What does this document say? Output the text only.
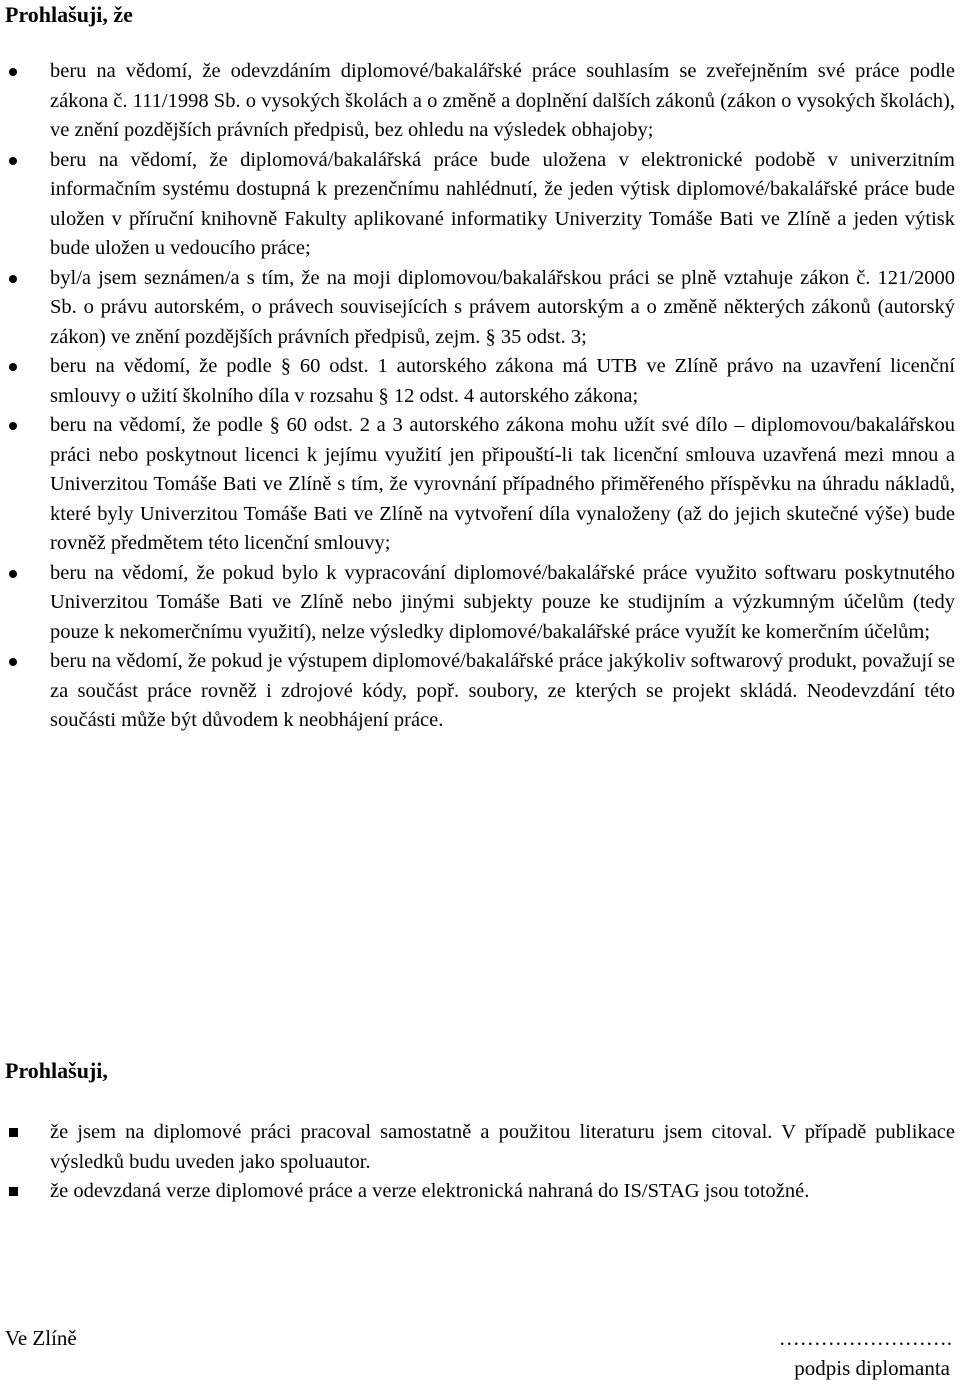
Prohlašuji, že
beru na vědomí, že odevzdáním diplomové/bakalářské práce souhlasím se zveřejněním své práce podle zákona č. 111/1998 Sb. o vysokých školách a o změně a doplnění dalších zákonů (zákon o vysokých školách), ve znění pozdějších právních předpisů, bez ohledu na výsledek obhajoby;
beru na vědomí, že diplomová/bakalářská práce bude uložena v elektronické podobě v univerzitním informačním systému dostupná k prezenčnímu nahlédnutí, že jeden výtisk diplomové/bakalářské práce bude uložen v příruční knihovně Fakulty aplikované informatiky Univerzity Tomáše Bati ve Zlíně a jeden výtisk bude uložen u vedoucího práce;
byl/a jsem seznámen/a s tím, že na moji diplomovou/bakalářskou práci se plně vztahuje zákon č. 121/2000 Sb. o právu autorském, o právech souvisejících s právem autorským a o změně některých zákonů (autorský zákon) ve znění pozdějších právních předpisů, zejm. § 35 odst. 3;
beru na vědomí, že podle § 60 odst. 1 autorského zákona má UTB ve Zlíně právo na uzavření licenční smlouvy o užití školního díla v rozsahu § 12 odst. 4 autorského zákona;
beru na vědomí, že podle § 60 odst. 2 a 3 autorského zákona mohu užít své dílo – diplomovou/bakalářskou práci nebo poskytnout licenci k jejímu využití jen připouští-li tak licenční smlouva uzavřená mezi mnou a Univerzitou Tomáše Bati ve Zlíně s tím, že vyrovnání případného přiměřeného příspěvku na úhradu nákladů, které byly Univerzitou Tomáše Bati ve Zlíně na vytvoření díla vynaloženy (až do jejich skutečné výše) bude rovněž předmětem této licenční smlouvy;
beru na vědomí, že pokud bylo k vypracování diplomové/bakalářské práce využito softwaru poskytnutého Univerzitou Tomáše Bati ve Zlíně nebo jinými subjekty pouze ke studijním a výzkumným účelům (tedy pouze k nekomerčnímu využití), nelze výsledky diplomové/bakalářské práce využít ke komerčním účelům;
beru na vědomí, že pokud je výstupem diplomové/bakalářské práce jakýkoliv softwarový produkt, považují se za součást práce rovněž i zdrojové kódy, popř. soubory, ze kterých se projekt skládá. Neodevzdání této součásti může být důvodem k neobhájení práce.
Prohlašuji,
že jsem na diplomové práci pracoval samostatně a použitou literaturu jsem citoval. V případě publikace výsledků budu uveden jako spoluautor.
že odevzdaná verze diplomové práce a verze elektronická nahraná do IS/STAG jsou totožné.
Ve Zlíně	…………………….
podpis diplomanta
